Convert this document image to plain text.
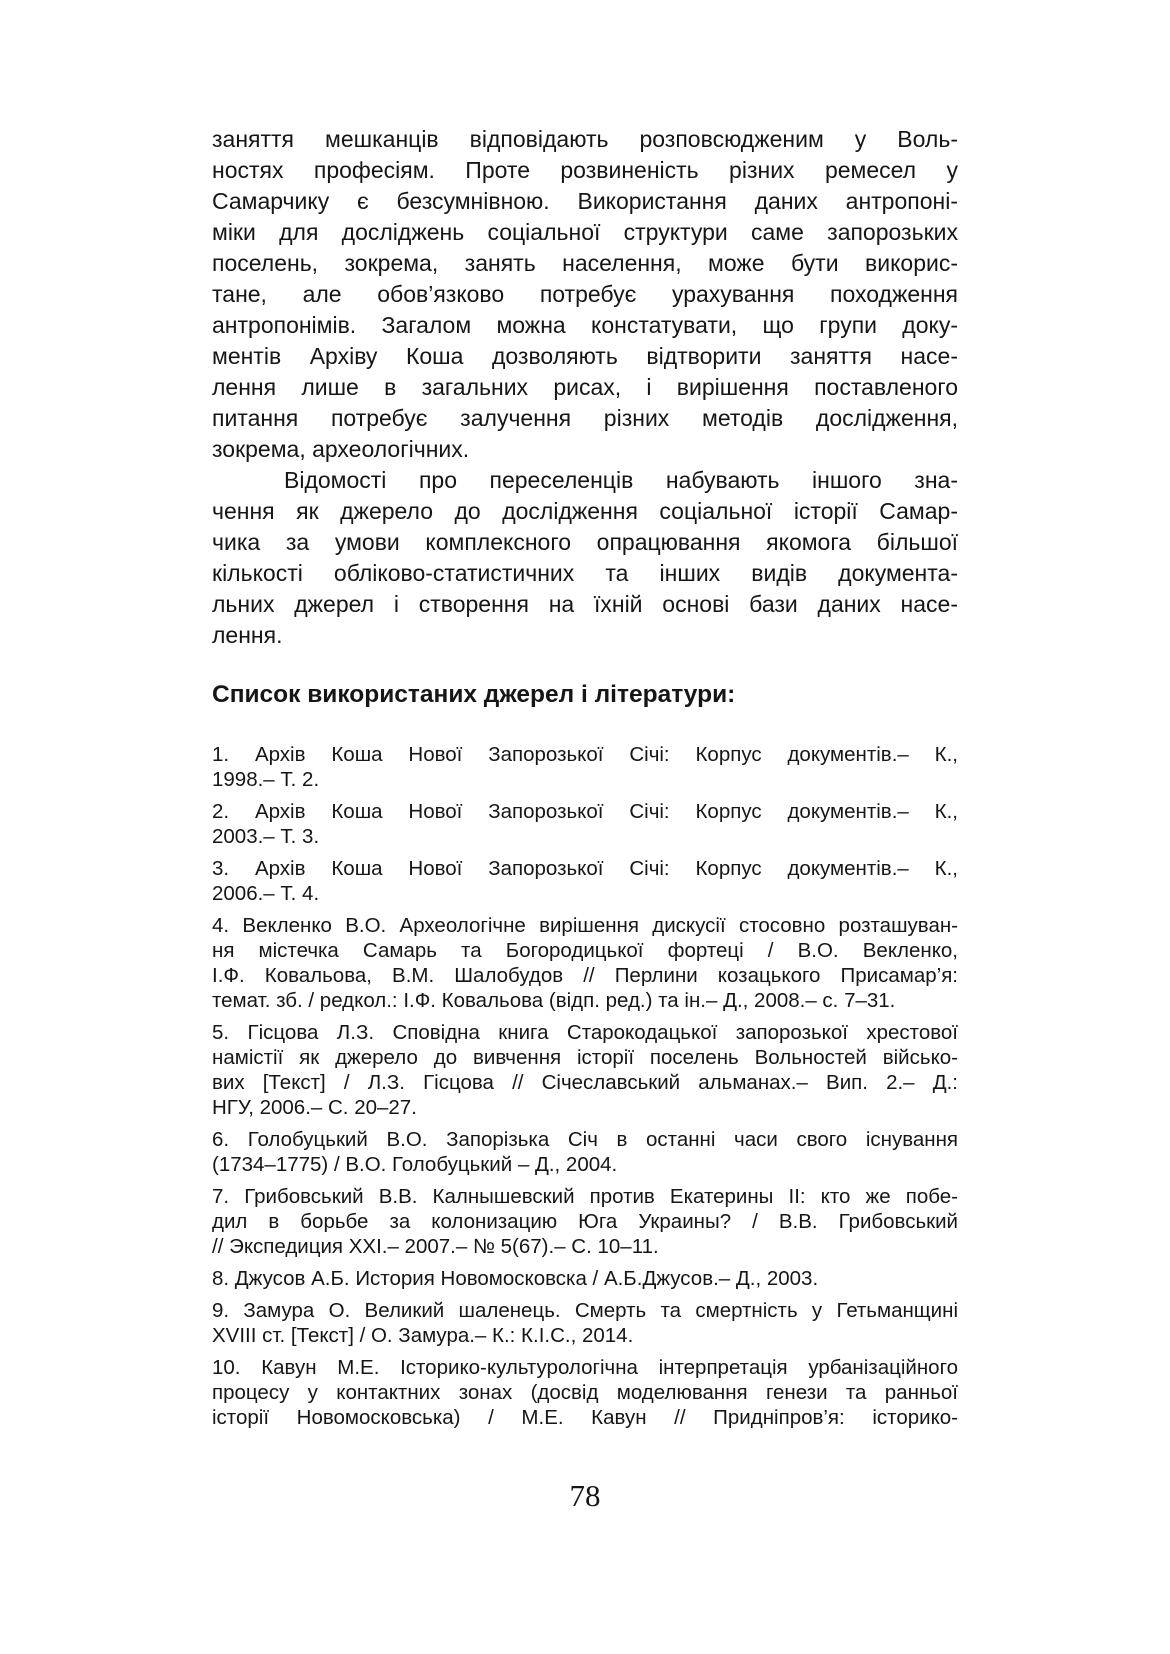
заняття мешканців відповідають розповсюдженим у Воль-
ностях професіям. Проте розвиненість різних ремесел у
Самарчику є безсумнівною. Використання даних антропоні-
міки для досліджень соціальної структури саме запорозьких
поселень, зокрема, занять населення, може бути викорис-
тане, але обов’язково потребує урахування походження
антропонімів. Загалом можна констатувати, що групи доку-
ментів Архіву Коша дозволяють відтворити заняття насе-
лення лише в загальних рисах, і вирішення поставленого
питання потребує залучення різних методів дослідження,
зокрема, археологічних.
Відомості про переселенців набувають іншого зна-
чення як джерело до дослідження соціальної історії Самар-
чика за умови комплексного опрацювання якомога більшої
кількості обліково-статистичних та інших видів документа-
льних джерел і створення на їхній основі бази даних насе-
лення.
Список використаних джерел і літератури:
1. Архів Коша Нової Запорозької Січі: Корпус документів.– К.,
1998.– Т. 2.
2. Архів Коша Нової Запорозької Січі: Корпус документів.– К.,
2003.– Т. 3.
3. Архів Коша Нової Запорозької Січі: Корпус документів.– К.,
2006.– Т. 4.
4. Векленко В.О. Археологічне вирішення дискусії стосовно розташуван-
ня містечка Самарь та Богородицької фортеці / В.О. Векленко,
І.Ф. Ковальова, В.М. Шалобудов // Перлини козацького Присамар’я:
темат. зб. / редкол.: І.Ф. Ковальова (відп. ред.) та ін.– Д., 2008.– с. 7–31.
5. Гісцова Л.З. Сповідна книга Старокодацької запорозької хрестової
намістії як джерело до вивчення історії поселень Вольностей військо-
вих [Текст] / Л.З. Гісцова // Січеславський альманах.– Вип. 2.– Д.:
НГУ, 2006.– С. 20–27.
6. Голобуцький В.О. Запорізька Січ в останні часи свого існування
(1734–1775) / В.О. Голобуцький – Д., 2004.
7. Грибовський В.В. Калнышевский против Екатерины II: кто же побе-
дил в борьбе за колонизацию Юга Украины? / В.В. Грибовський
// Экспедиция XXI.– 2007.– № 5(67).– С. 10–11.
8. Джусов А.Б. История Новомосковска / А.Б.Джусов.– Д., 2003.
9. Замура О. Великий шаленець. Смерть та смертність у Гетьманщині
XVIII ст. [Текст] / О. Замура.– К.: К.І.С., 2014.
10. Кавун М.Е. Історико-культурологічна інтерпретація урбанізаційного
процесу у контактних зонах (досвід моделювання генези та ранньої
історії Новомосковська) / М.Е. Кавун // Придніпров’я: історико-
78
